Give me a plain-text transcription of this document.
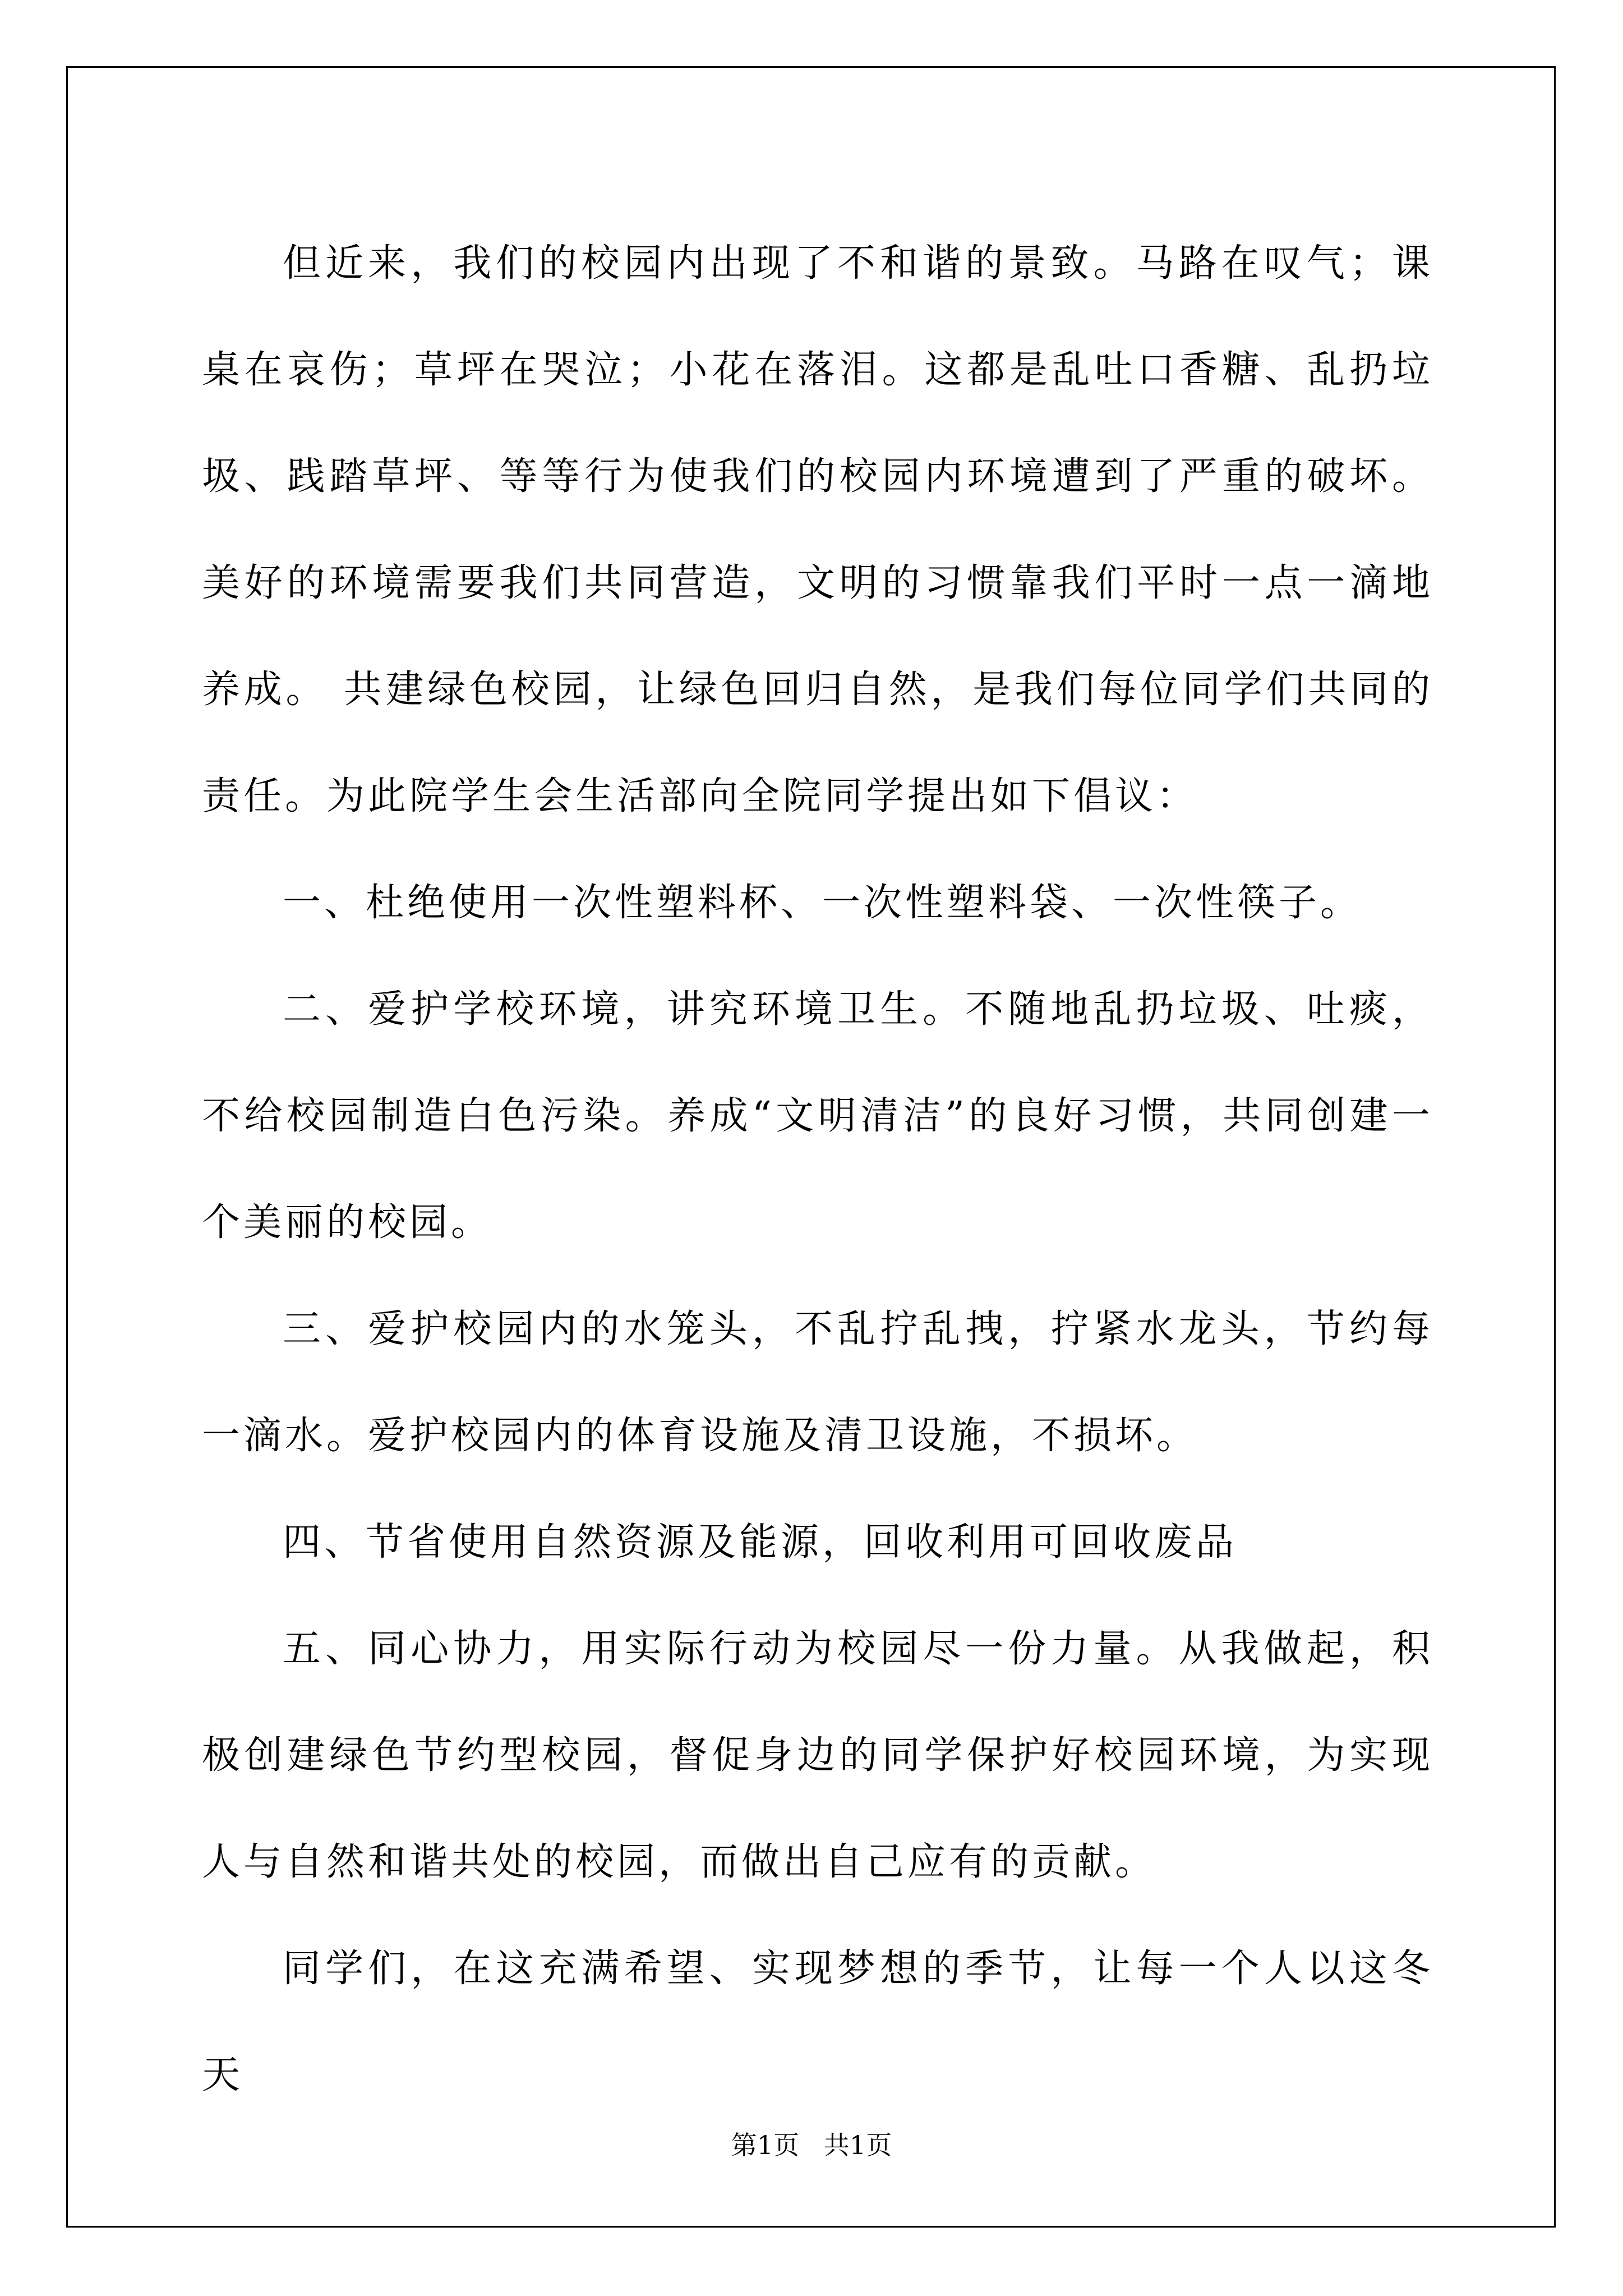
但近来，我们的校园内出现了不和谐的景致。马路在叹气；课桌在哀伤；草坪在哭泣；小花在落泪。这都是乱吐口香糖、乱扔垃圾、践踏草坪、等等行为使我们的校园内环境遭到了严重的破坏。美好的环境需要我们共同营造，文明的习惯靠我们平时一点一滴地养成。 共建绿色校园，让绿色回归自然，是我们每位同学们共同的责任。为此院学生会生活部向全院同学提出如下倡议：

一、杜绝使用一次性塑料杯、一次性塑料袋、一次性筷子。

二、爱护学校环境，讲究环境卫生。不随地乱扔垃圾、吐痰，不给校园制造白色污染。养成“文明清洁”的良好习惯，共同创建一个美丽的校园。

三、爱护校园内的水笼头，不乱拧乱拽，拧紧水龙头，节约每一滴水。爱护校园内的体育设施及清卫设施，不损坏。

四、节省使用自然资源及能源，回收利用可回收废品

五、同心协力，用实际行动为校园尽一份力量。从我做起，积极创建绿色节约型校园，督促身边的同学保护好校园环境，为实现人与自然和谐共处的校园，而做出自己应有的贡献。

同学们，在这充满希望、实现梦想的季节，让每一个人以这冬天

第1页   共1页
